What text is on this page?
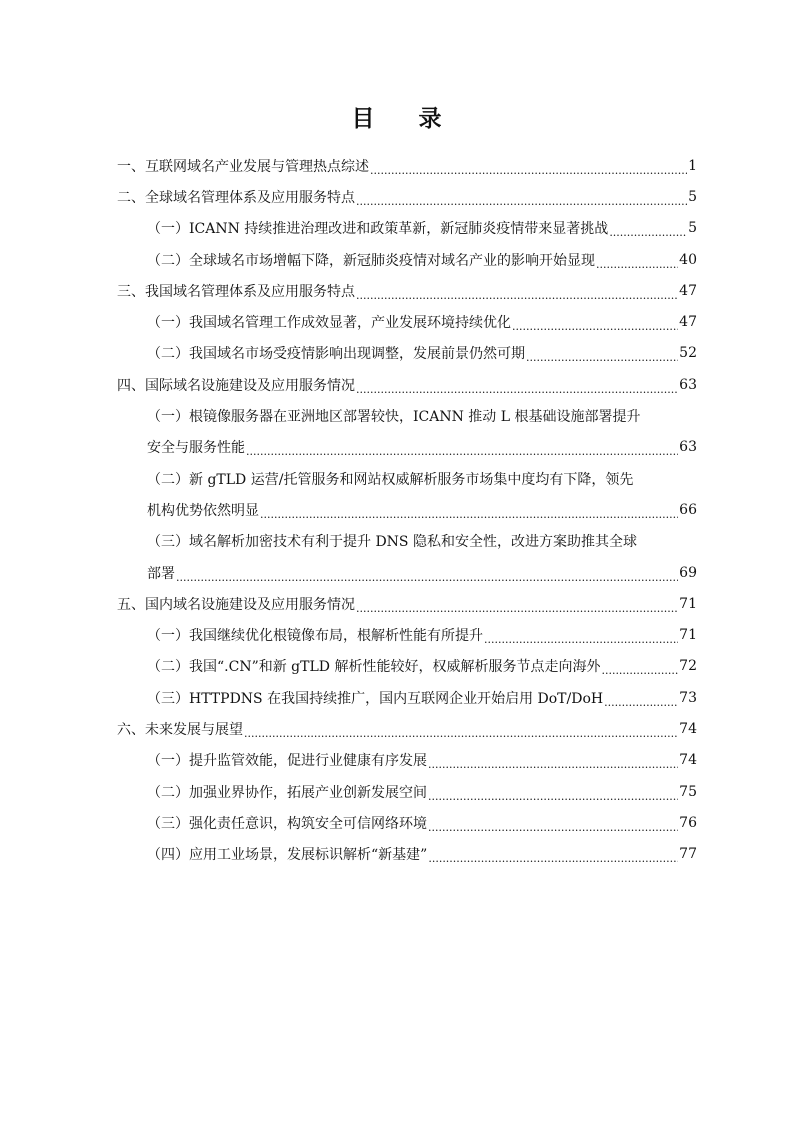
目 录
一、互联网域名产业发展与管理热点综述 .....	1
二、全球域名管理体系及应用服务特点 .....	5
（一）ICANN 持续推进治理改进和政策革新，新冠肺炎疫情带来显著挑战 .....	5
（二）全球域名市场增幅下降，新冠肺炎疫情对域名产业的影响开始显现 .....	40
三、我国域名管理体系及应用服务特点 .....	47
（一）我国域名管理工作成效显著，产业发展环境持续优化 .....	47
（二）我国域名市场受疫情影响出现调整，发展前景仍然可期 .....	52
四、国际域名设施建设及应用服务情况 .....	63
（一）根镜像服务器在亚洲地区部署较快，ICANN 推动 L 根基础设施部署提升
安全与服务性能 .....	63
（二）新 gTLD 运营/托管服务和网站权威解析服务市场集中度均有下降，领先
机构优势依然明显 .....	66
（三）域名解析加密技术有利于提升 DNS 隐私和安全性，改进方案助推其全球
部署 .....	69
五、国内域名设施建设及应用服务情况 .....	71
（一）我国继续优化根镜像布局，根解析性能有所提升 .....	71
（二）我国“.CN”和新 gTLD 解析性能较好，权威解析服务节点走向海外 .....	72
（三）HTTPDNS 在我国持续推广，国内互联网企业开始启用 DoT/DoH .....	73
六、未来发展与展望 .....	74
（一）提升监管效能，促进行业健康有序发展 .....	74
（二）加强业界协作，拓展产业创新发展空间 .....	75
（三）强化责任意识，构筑安全可信网络环境 .....	76
（四）应用工业场景，发展标识解析“新基建” .....	77
